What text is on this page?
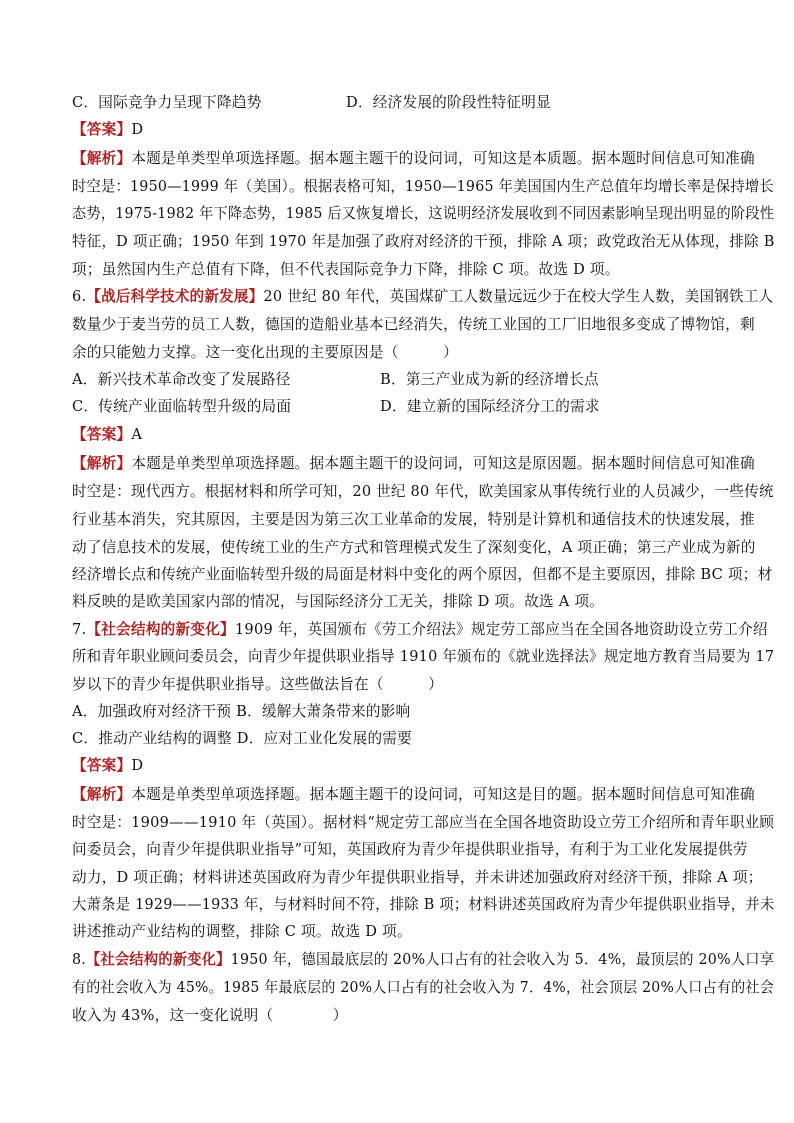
C．国际竞争力呈现下降趋势	D．经济发展的阶段性特征明显
【答案】D
【解析】本题是单类型单项选择题。据本题主题干的设问词，可知这是本质题。据本题时间信息可知准确
时空是：1950—1999 年（美国）。根据表格可知，1950—1965 年美国国内生产总值年均增长率是保持增长
态势，1975-1982 年下降态势，1985 后又恢复增长，这说明经济发展收到不同因素影响呈现出明显的阶段性
特征，D 项正确；1950 年到 1970 年是加强了政府对经济的干预，排除 A 项；政党政治无从体现，排除 B
项；虽然国内生产总值有下降，但不代表国际竞争力下降，排除 C 项。故选 D 项。
6.【战后科学技术的新发展】20 世纪 80 年代，英国煤矿工人数量远远少于在校大学生人数，美国钢铁工人
数量少于麦当劳的员工人数，德国的造船业基本已经消失，传统工业国的工厂旧地很多变成了博物馆，剩
余的只能勉力支撑。这一变化出现的主要原因是（　　　）
A．新兴技术革命改变了发展路径	B．第三产业成为新的经济增长点
C．传统产业面临转型升级的局面	D．建立新的国际经济分工的需求
【答案】A
【解析】本题是单类型单项选择题。据本题主题干的设问词，可知这是原因题。据本题时间信息可知准确
时空是：现代西方。根据材料和所学可知，20 世纪 80 年代，欧美国家从事传统行业的人员减少，一些传统
行业基本消失，究其原因，主要是因为第三次工业革命的发展，特别是计算机和通信技术的快速发展，推
动了信息技术的发展，使传统工业的生产方式和管理模式发生了深刻变化，A 项正确；第三产业成为新的
经济增长点和传统产业面临转型升级的局面是材料中变化的两个原因，但都不是主要原因，排除 BC 项；材
料反映的是欧美国家内部的情况，与国际经济分工无关，排除 D 项。故选 A 项。
7.【社会结构的新变化】1909 年，英国颁布《劳工介绍法》规定劳工部应当在全国各地资助设立劳工介绍
所和青年职业顾问委员会，向青少年提供职业指导 1910 年颁布的《就业选择法》规定地方教育当局要为 17
岁以下的青少年提供职业指导。这些做法旨在（　　　）
A．加强政府对经济干预 B．缓解大萧条带来的影响
C．推动产业结构的调整 D．应对工业化发展的需要
【答案】D
【解析】本题是单类型单项选择题。据本题主题干的设问词，可知这是目的题。据本题时间信息可知准确
时空是：1909——1910 年（英国）。据材料“规定劳工部应当在全国各地资助设立劳工介绍所和青年职业顾
问委员会，向青少年提供职业指导”可知，英国政府为青少年提供职业指导，有利于为工业化发展提供劳
动力，D 项正确；材料讲述英国政府为青少年提供职业指导，并未讲述加强政府对经济干预，排除 A 项；
大萧条是 1929——1933 年，与材料时间不符，排除 B 项；材料讲述英国政府为青少年提供职业指导，并未
讲述推动产业结构的调整，排除 C 项。故选 D 项。
8.【社会结构的新变化】1950 年，德国最底层的 20%人口占有的社会收入为 5．4%，最顶层的 20%人口享
有的社会收入为 45%。1985 年最底层的 20%人口占有的社会收入为 7．4%，社会顶层 20%人口占有的社会
收入为 43%，这一变化说明（　　　　）
